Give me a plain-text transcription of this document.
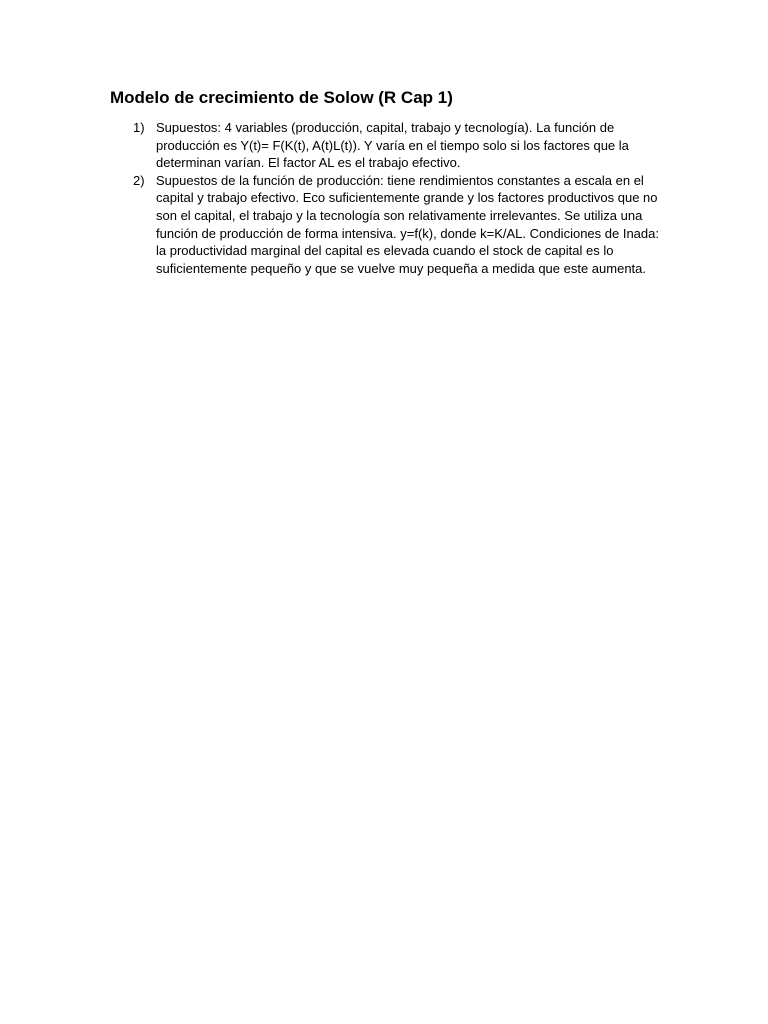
Modelo de crecimiento de Solow (R Cap 1)
1) Supuestos: 4 variables (producción, capital, trabajo y tecnología). La función de producción es Y(t)= F(K(t), A(t)L(t)). Y varía en el tiempo solo si los factores que la determinan varían. El factor AL es el trabajo efectivo.
2) Supuestos de la función de producción: tiene rendimientos constantes a escala en el capital y trabajo efectivo. Eco suficientemente grande y los factores productivos que no son el capital, el trabajo y la tecnología son relativamente irrelevantes. Se utiliza una función de producción de forma intensiva. y=f(k), donde k=K/AL. Condiciones de Inada: la productividad marginal del capital es elevada cuando el stock de capital es lo suficientemente pequeño y que se vuelve muy pequeña a medida que este aumenta.
